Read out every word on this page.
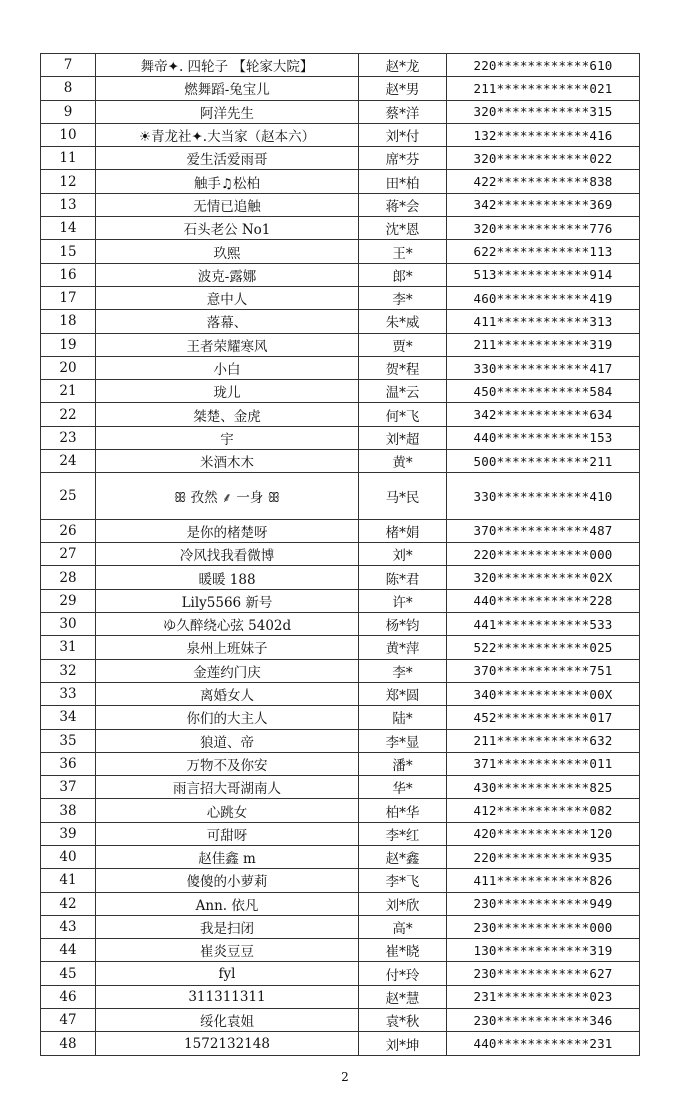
7	舞帝✦. 四轮子 【轮家大院】	赵*龙	220************610
8	燃舞蹈-兔宝儿	赵*男	211************021
9	阿洋先生	蔡*洋	320************315
10	☀青龙社✦.大当家（赵本六）	刘*付	132************416
11	爱生活爱雨哥	席*芬	320************022
12	触手♫松柏	田*柏	422************838
13	无情已追触	蒋*会	342************369
14	石头老公 No1	沈*恩	320************776
15	玖熙	王*	622************113
16	波克-露娜	郎*	513************914
17	意中人	李*	460************419
18	落幕、	朱*威	411************313
19	王者荣耀寒风	贾*	211************319
20	小白	贺*程	330************417
21	珑儿	温*云	450************584
22	桀楚、金虎	何*飞	342************634
23	宇	刘*超	440************153
24	米酒木木	黄*	500************211
25	ꕥ 孜然 ⸙ 一身 ꕥ	马*民	330************410
26	是你的楮楚呀	楮*娟	370************487
27	冷风找我看微博	刘*	220************000
28	暖暖 188	陈*君	320************02X
29	Lily5566 新号	许*	440************228
30	ゆ久醉绕心弦 5402d	杨*钧	441************533
31	泉州上班妹子	黄*萍	522************025
32	金莲约门庆	李*	370************751
33	离婚女人	郑*圆	340************00X
34	你们的大主人	陆*	452************017
35	狼道、帝	李*显	211************632
36	万物不及你安	潘*	371************011
37	雨言招大哥湖南人	华*	430************825
38	心跳女	柏*华	412************082
39	可甜呀	李*红	420************120
40	赵佳鑫 m	赵*鑫	220************935
41	傻傻的小萝莉	李*飞	411************826
42	Ann. 依凡	刘*欣	230************949
43	我是扫闭	高*	230************000
44	崔炎豆豆	崔*晓	130************319
45	fyl	付*玲	230************627
46	311311311	赵*慧	231************023
47	绥化袁姐	袁*秋	230************346
48	1572132148	刘*坤	440************231
2
